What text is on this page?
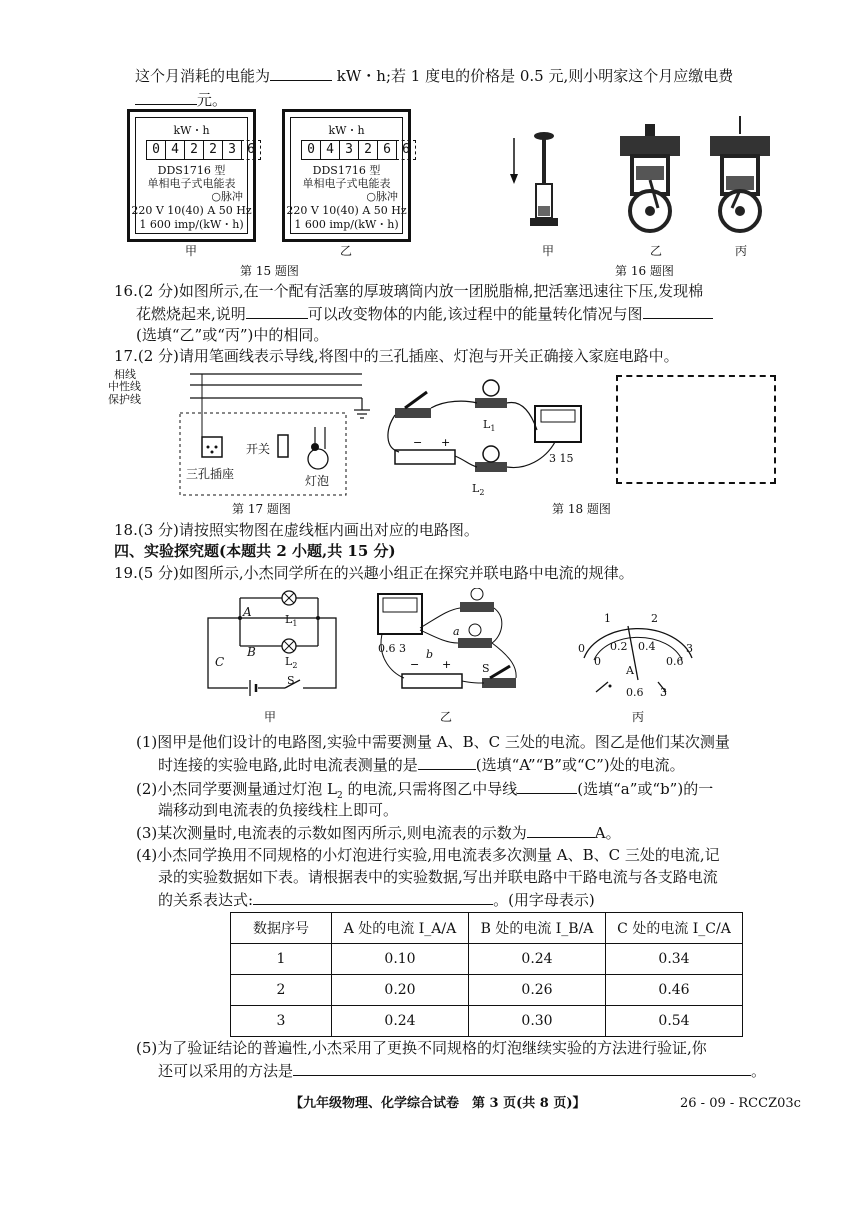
这个月消耗的电能为	kW・h;若 1 度电的价格是 0.5 元,则小明家这个月应缴电费
元。
kW・h
0 4 2 2 3 6
DDS1716 型
单相电子式电能表
○脉冲
220 V 10(40) A 50 Hz
1 600 imp/(kW・h)
甲
kW・h
0 4 3 2 6 6
DDS1716 型
单相电子式电能表
○脉冲
220 V 10(40) A 50 Hz
1 600 imp/(kW・h)
乙
第 15 题图
甲	乙	丙
第 16 题图
16.(2 分)如图所示,在一个配有活塞的厚玻璃筒内放一团脱脂棉,把活塞迅速往下压,发现棉
花燃烧起来,说明	可以改变物体的内能,该过程中的能量转化情况与图
(选填“乙”或“丙”)中的相同。
17.(2 分)请用笔画线表示导线,将图中的三孔插座、灯泡与开关正确接入家庭电路中。
相线
中性线
保护线
开关
三孔插座	灯泡
第 17 题图
− +
$L_1$
$L_2$
3 15
第 18 题图
18.(3 分)请按照实物图在虚线框内画出对应的电路图。
四、实验探究题(本题共 2 小题,共 15 分)
19.(5 分)如图所示,小杰同学所在的兴趣小组正在探究并联电路中电流的规律。
A
B
C
$L_1$
$L_2$
S
甲
− +
a
b
0.6 3
S
乙
1	2
0	3
0
0.2 0.4
0.6
A
0.6 3
丙
(1)图甲是他们设计的电路图,实验中需要测量 A、B、C 三处的电流。图乙是他们某次测量
时连接的实验电路,此时电流表测量的是	(选填“A”“B”或“C”)处的电流。
(2)小杰同学要测量通过灯泡 $L_2$ 的电流,只需将图乙中导线	(选填“a”或“b”)的一
端移动到电流表的负接线柱上即可。
(3)某次测量时,电流表的示数如图丙所示,则电流表的示数为	A。
(4)小杰同学换用不同规格的小灯泡进行实验,用电流表多次测量 A、B、C 三处的电流,记
录的实验数据如下表。请根据表中的实验数据,写出并联电路中干路电流与各支路电流
的关系表达式:	。(用字母表示)
数据序号	A 处的电流 I_A/A	B 处的电流 I_B/A	C 处的电流 I_C/A
1	0.10	0.24	0.34
2	0.20	0.26	0.46
3	0.24	0.30	0.54
(5)为了验证结论的普遍性,小杰采用了更换不同规格的灯泡继续实验的方法进行验证,你
还可以采用的方法是	。
【九年级物理、化学综合试卷　第 3 页(共 8 页)】	26 - 09 - RCCZ03c
